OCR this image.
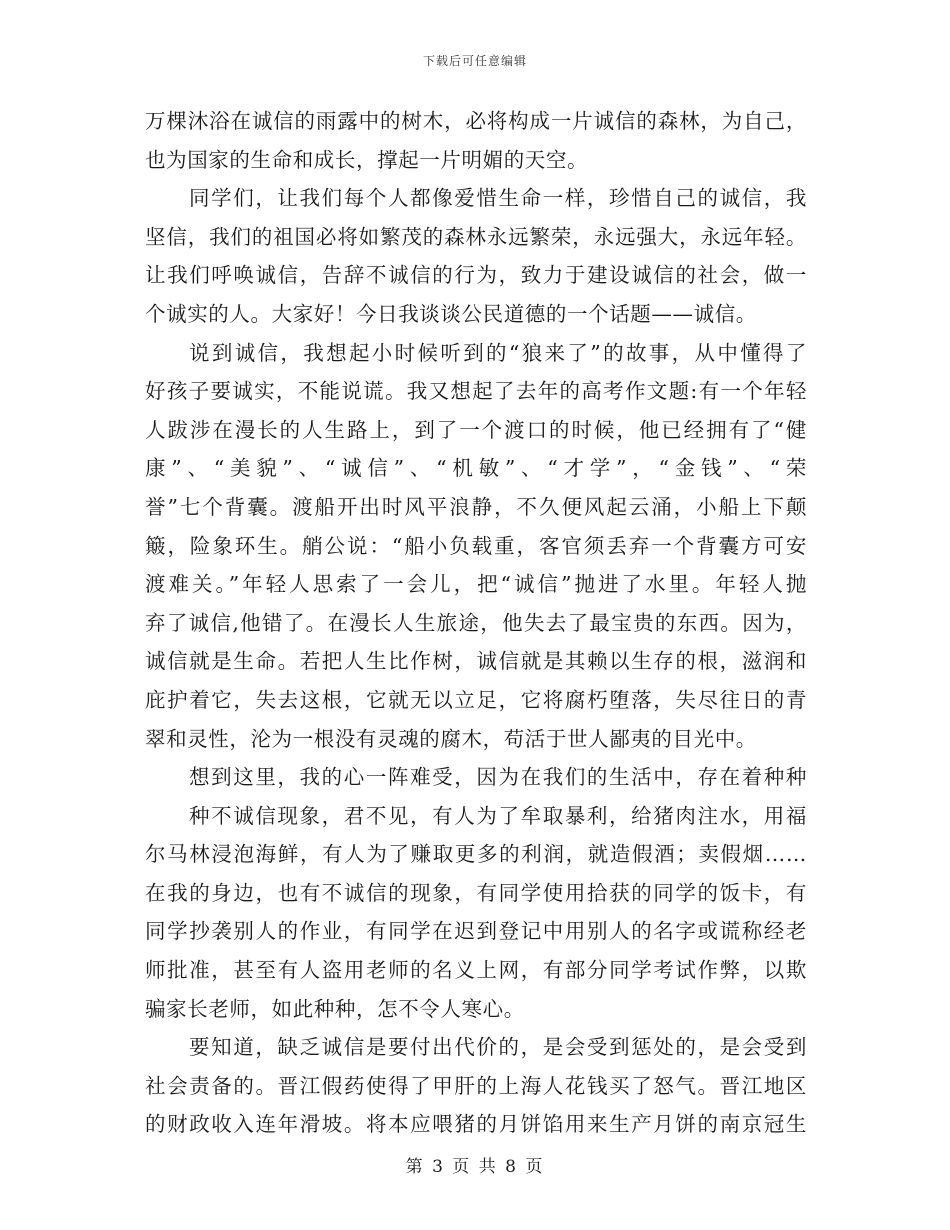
下载后可任意编辑
万棵沐浴在诚信的雨露中的树木，必将构成一片诚信的森林，为自己，
也为国家的生命和成长，撑起一片明媚的天空。
同学们，让我们每个人都像爱惜生命一样，珍惜自己的诚信，我
坚信，我们的祖国必将如繁茂的森林永远繁荣，永远强大，永远年轻。
让我们呼唤诚信，告辞不诚信的行为，致力于建设诚信的社会，做一
个诚实的人。大家好！今日我谈谈公民道德的一个话题——诚信。
说到诚信，我想起小时候听到的“狼来了”的故事，从中懂得了
好孩子要诚实，不能说谎。我又想起了去年的高考作文题:有一个年轻
人跋涉在漫长的人生路上，到了一个渡口的时候，他已经拥有了“健
康”、“美貌”、“诚信”、“机敏”、“才学”，“金钱”、“荣
誉”七个背囊。渡船开出时风平浪静，不久便风起云涌，小船上下颠
簸，险象环生。艄公说：“船小负载重，客官须丢弃一个背囊方可安
渡难关。”年轻人思索了一会儿，把“诚信”抛进了水里。年轻人抛
弃了诚信,他错了。在漫长人生旅途，他失去了最宝贵的东西。因为，
诚信就是生命。若把人生比作树，诚信就是其赖以生存的根，滋润和
庇护着它，失去这根，它就无以立足，它将腐朽堕落，失尽往日的青
翠和灵性，沦为一根没有灵魂的腐木，苟活于世人鄙夷的目光中。
想到这里，我的心一阵难受，因为在我们的生活中，存在着种种
种不诚信现象，君不见，有人为了牟取暴利，给猪肉注水，用福
尔马林浸泡海鲜，有人为了赚取更多的利润，就造假酒；卖假烟……
在我的身边，也有不诚信的现象，有同学使用拾获的同学的饭卡，有
同学抄袭别人的作业，有同学在迟到登记中用别人的名字或谎称经老
师批准，甚至有人盗用老师的名义上网，有部分同学考试作弊，以欺
骗家长老师，如此种种，怎不令人寒心。
要知道，缺乏诚信是要付出代价的，是会受到惩处的，是会受到
社会责备的。晋江假药使得了甲肝的上海人花钱买了怒气。晋江地区
的财政收入连年滑坡。将本应喂猪的月饼馅用来生产月饼的南京冠生
第 3 页 共 8 页
